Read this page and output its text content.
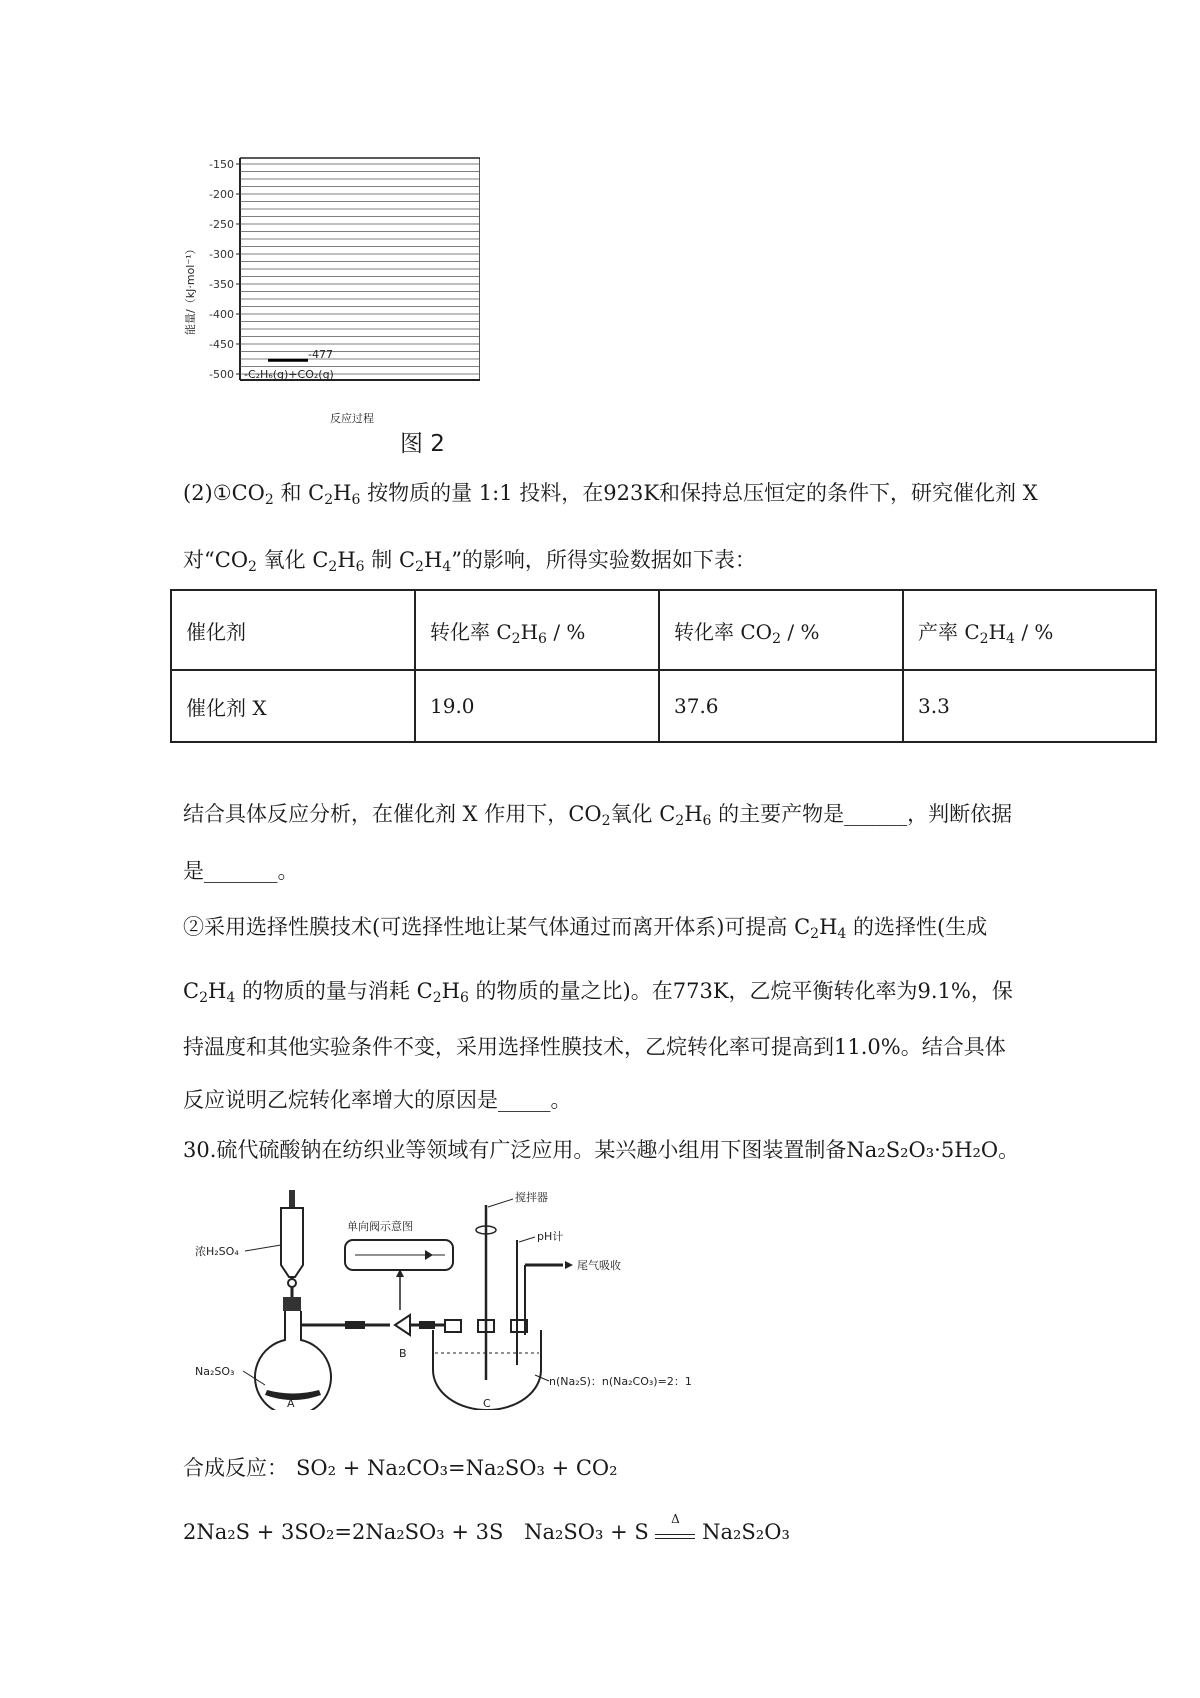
-150
-200
-250
-300
-350
-400
-450
-500
能量/（kJ·mol⁻¹）
-477
-C₂H₆(g)+CO₂(g)
反应过程
图 2
$(2)①CO_2$ 和 $C_2H_6$ 按物质的量 1:1 投料，在923K和保持总压恒定的条件下，研究催化剂 X
对“$CO_2$ 氧化 $C_2H_6$ 制 $C_2H_4$”的影响，所得实验数据如下表：
催化剂	转化率 $C_2H_6$ / %	转化率 $CO_2$ / %	产率 $C_2H_4$ / %
催化剂 X	19.0	37.6	3.3
结合具体反应分析，在催化剂 X 作用下，$CO_2$氧化 $C_2H_6$ 的主要产物是______，判断依据
是_______。
②采用选择性膜技术(可选择性地让某气体通过而离开体系)可提高 $C_2H_4$ 的选择性(生成
$C_2H_4$ 的物质的量与消耗 $C_2H_6$ 的物质的量之比)。在773K，乙烷平衡转化率为9.1%，保
持温度和其他实验条件不变，采用选择性膜技术，乙烷转化率可提高到11.0%。结合具体
反应说明乙烷转化率增大的原因是_____。
30.硫代硫酸钠在纺织业等领域有广泛应用。某兴趣小组用下图装置制备Na₂S₂O₃·5H₂O。
单向阀示意图
搅拌器
pH计
尾气吸收
浓H₂SO₄
Na₂SO₃
A
B
C
n(Na₂S)：n(Na₂CO₃)=2：1
合成反应： SO₂ + Na₂CO₃=Na₂SO₃ + CO₂
2Na₂S + 3SO₂=2Na₂SO₃ + 3S Na₂SO₃ + S
Δ
Na₂S₂O₃
